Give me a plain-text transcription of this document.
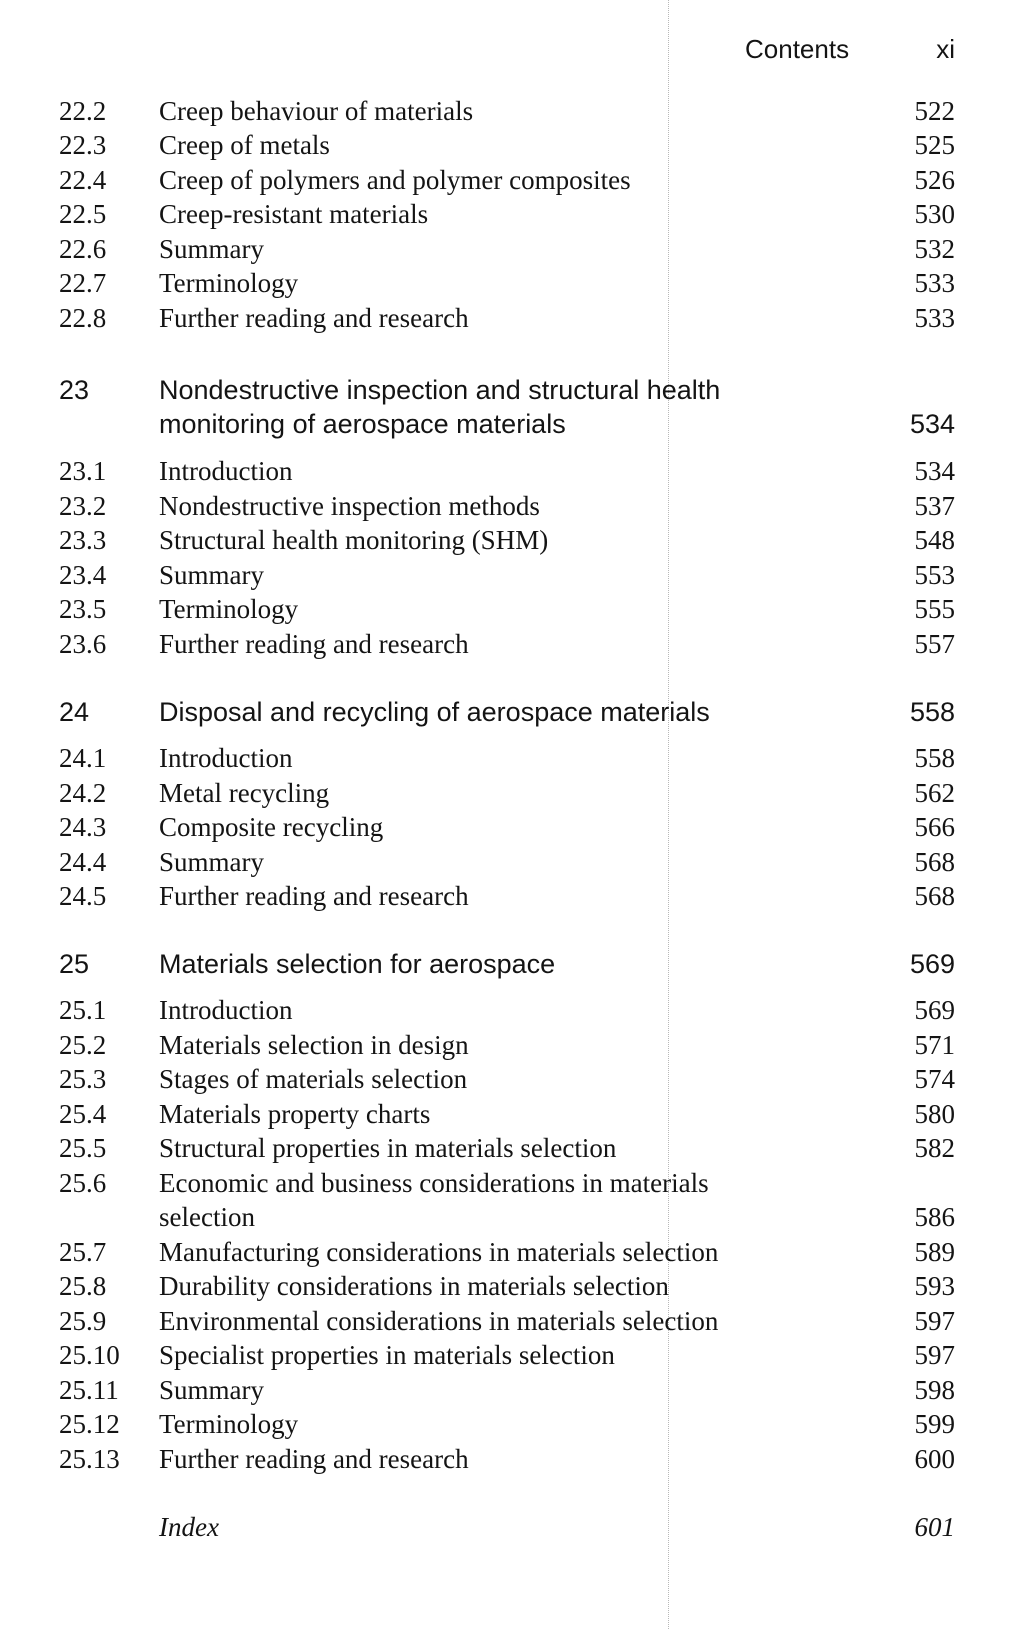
Contents	xi
22.2 Creep behaviour of materials	522
22.3 Creep of metals	525
22.4 Creep of polymers and polymer composites	526
22.5 Creep-resistant materials	530
22.6 Summary	532
22.7 Terminology	533
22.8 Further reading and research	533
23	Nondestructive inspection and structural health
monitoring of aerospace materials	534
23.1 Introduction	534
23.2 Nondestructive inspection methods	537
23.3 Structural health monitoring (SHM)	548
23.4 Summary	553
23.5 Terminology	555
23.6 Further reading and research	557
24	Disposal and recycling of aerospace materials	558
24.1 Introduction	558
24.2 Metal recycling	562
24.3 Composite recycling	566
24.4 Summary	568
24.5 Further reading and research	568
25	Materials selection for aerospace	569
25.1 Introduction	569
25.2 Materials selection in design	571
25.3 Stages of materials selection	574
25.4 Materials property charts	580
25.5 Structural properties in materials selection	582
25.6 Economic and business considerations in materials
selection	586
25.7 Manufacturing considerations in materials selection	589
25.8 Durability considerations in materials selection	593
25.9 Environmental considerations in materials selection	597
25.10 Specialist properties in materials selection	597
25.11 Summary	598
25.12 Terminology	599
25.13 Further reading and research	600
Index	601
